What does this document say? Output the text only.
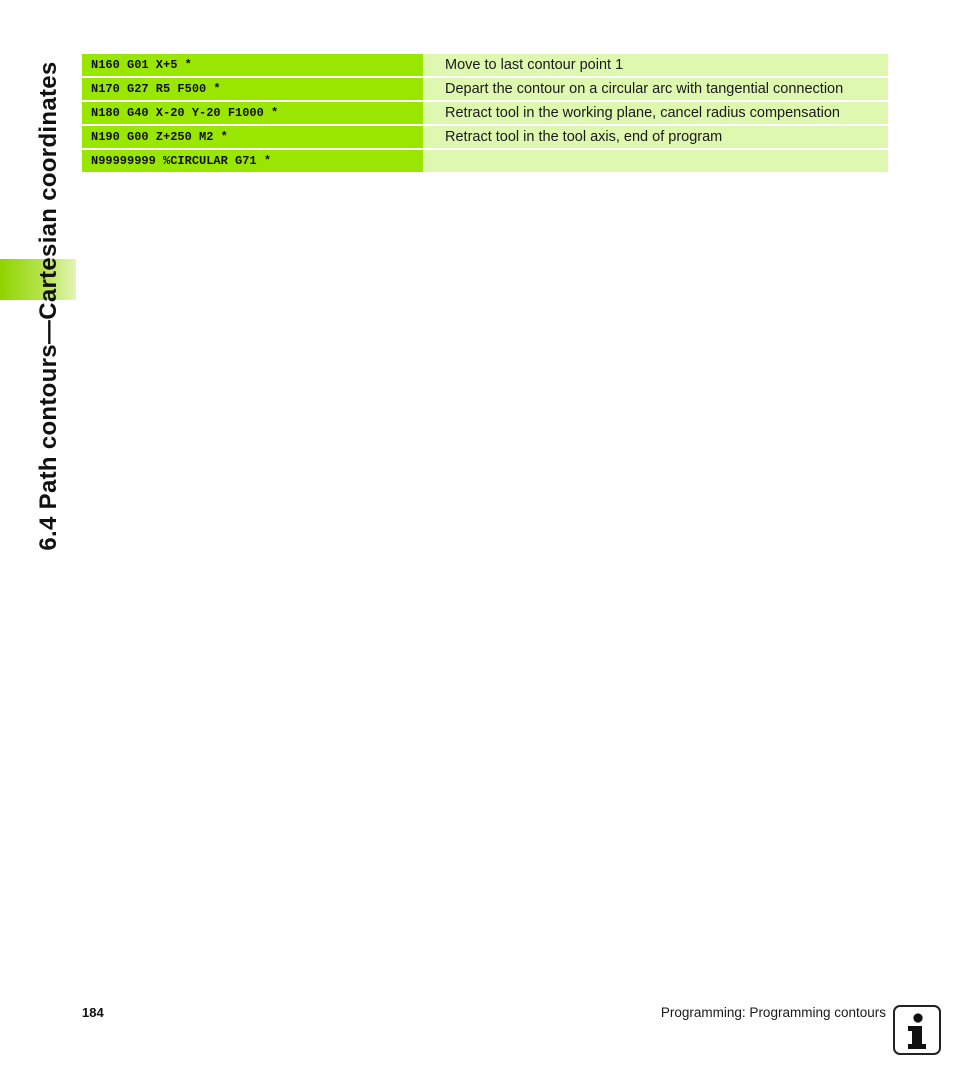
6.4 Path contours—Cartesian coordinates	N160 G01 X+5 *	Move to last contour point 1
N170 G27 R5 F500 *	Depart the contour on a circular arc with tangential connection
N180 G40 X-20 Y-20 F1000 *	Retract tool in the working plane, cancel radius compensation
N190 G00 Z+250 M2 *	Retract tool in the tool axis, end of program
N99999999 %CIRCULAR G71 *
184	Programming: Programming contours
